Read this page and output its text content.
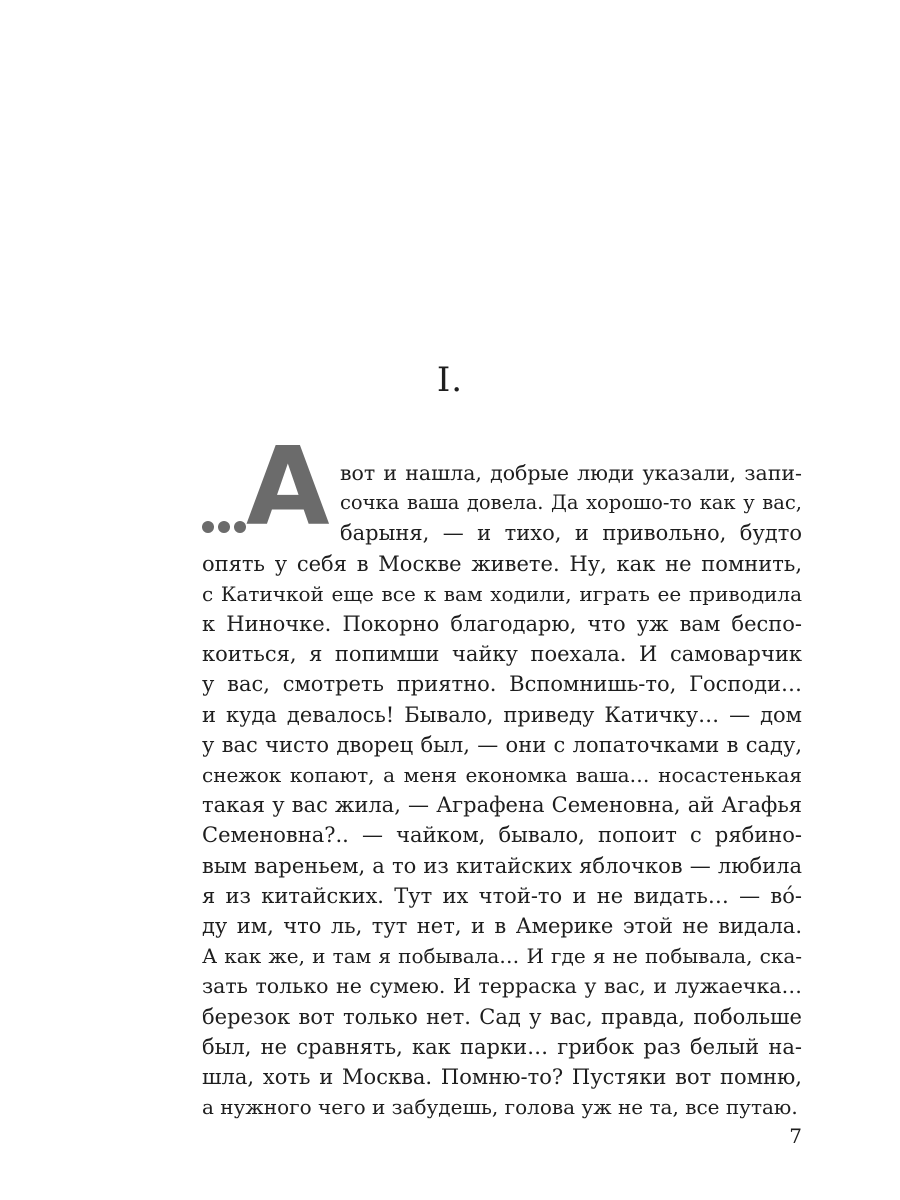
I.
А вот и нашла, добрые люди указали, запи-
сочка ваша довела. Да хорошо-то как у вас,
барыня, — и тихо, и привольно, будто
опять у себя в Москве живете. Ну, как не помнить,
с Катичкой еще все к вам ходили, играть ее приводила
к Ниночке. Покорно благодарю, что уж вам беспо-
коиться, я попимши чайку поехала. И самоварчик
у вас, смотреть приятно. Вспомнишь-то, Господи…
и куда девалось! Бывало, приведу Катичку… — дом
у вас чисто дворец был, — они с лопаточками в саду,
снежок копают, а меня економка ваша… носастенькая
такая у вас жила, — Аграфена Семеновна, ай Агафья
Семеновна?.. — чайком, бывало, попоит с рябино-
вым вареньем, а то из китайских яблочков — любила
я из китайских. Тут их чтой-то и не видать… — во́-
ду им, что ль, тут нет, и в Америке этой не видала.
А как же, и там я побывала… И где я не побывала, ска-
зать только не сумею. И терраска у вас, и лужаечка…
березок вот только нет. Сад у вас, правда, побольше
был, не сравнять, как парки… грибок раз белый на-
шла, хоть и Москва. Помню-то? Пустяки вот помню,
а нужного чего и забудешь, голова уж не та, все путаю.
7
